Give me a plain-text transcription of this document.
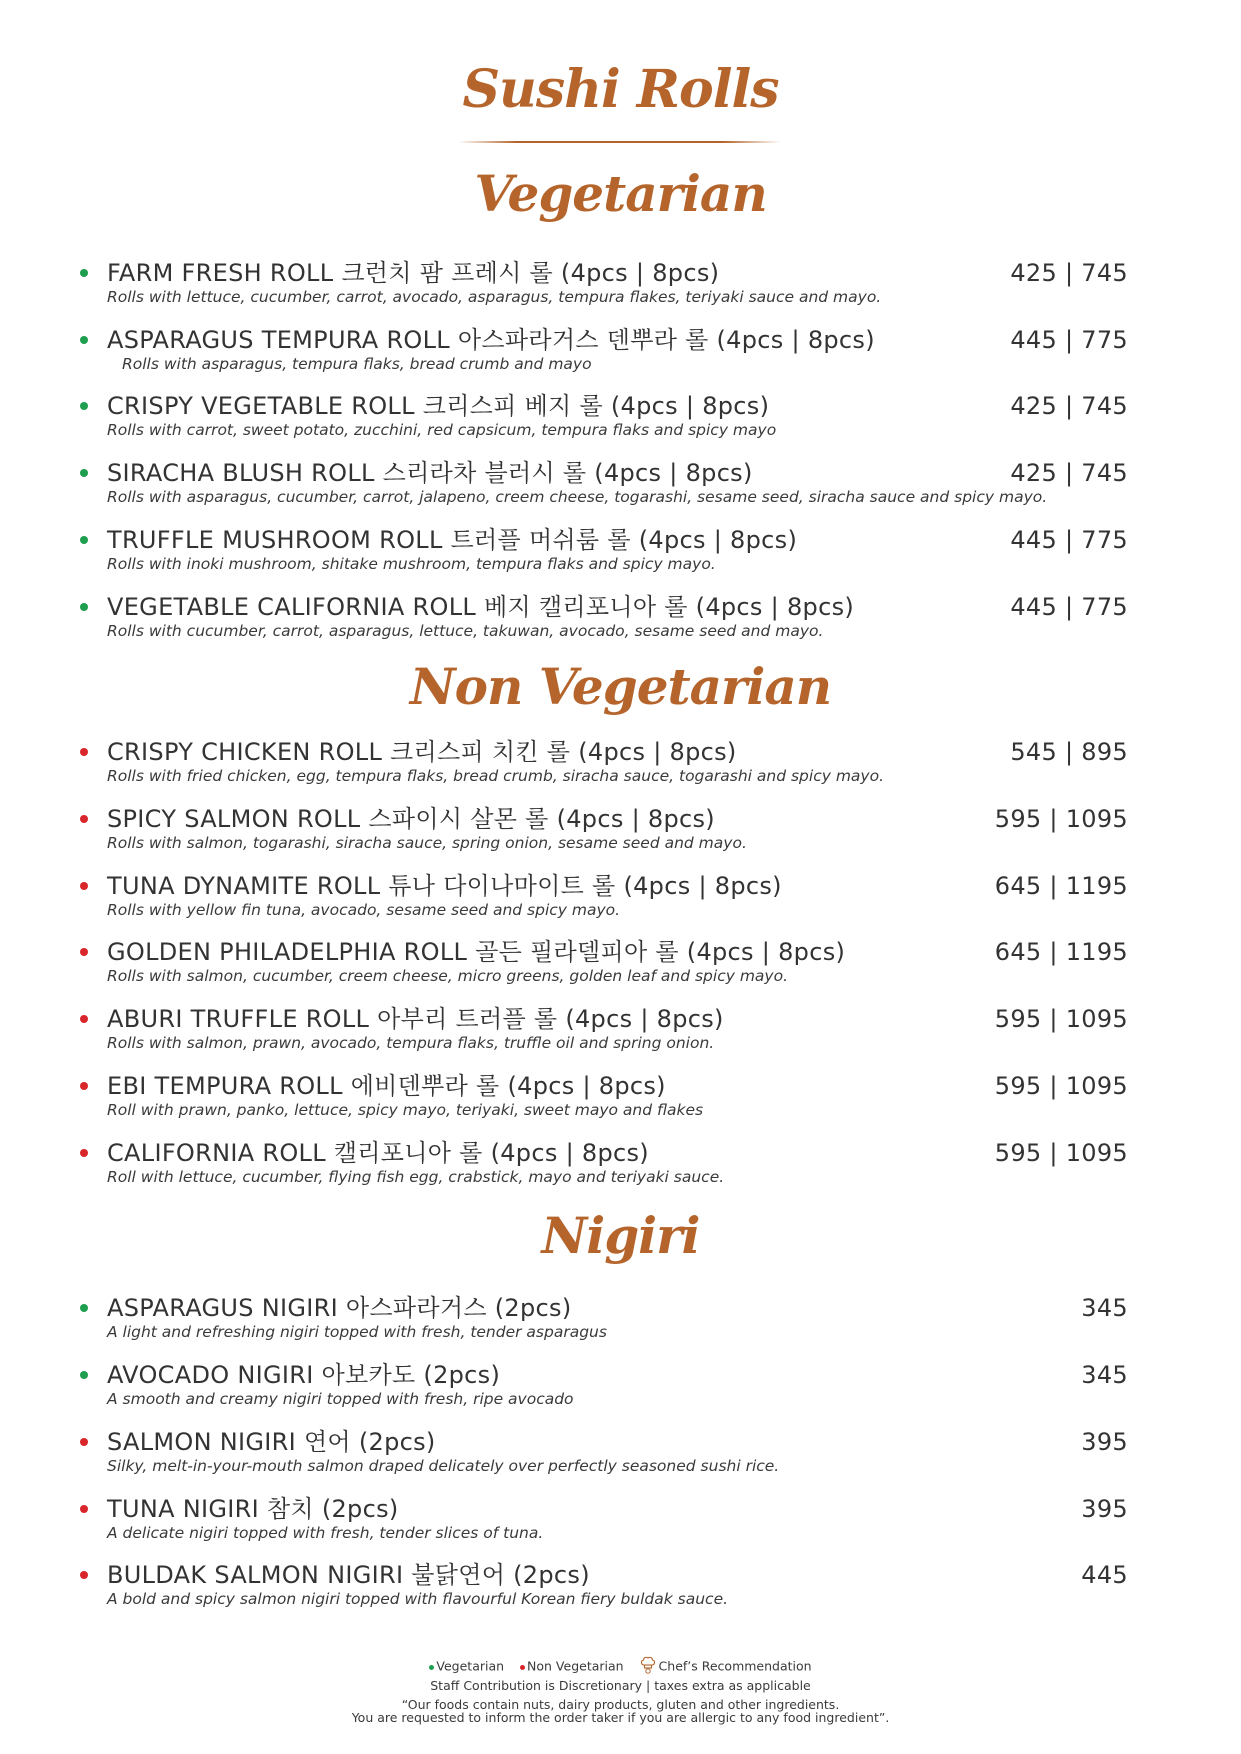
Sushi Rolls
Vegetarian
FARM FRESH ROLL 크런치 팜 프레시 롤 (4pcs | 8pcs)
Rolls with lettuce, cucumber, carrot, avocado, asparagus, tempura flakes, teriyaki sauce and mayo.
425 | 745
ASPARAGUS TEMPURA ROLL 아스파라거스 덴뿌라 롤 (4pcs | 8pcs)
Rolls with asparagus, tempura flaks, bread crumb and mayo
445 | 775
CRISPY VEGETABLE ROLL 크리스피 베지 롤 (4pcs | 8pcs)
Rolls with carrot, sweet potato, zucchini, red capsicum, tempura flaks and spicy mayo
425 | 745
SIRACHA BLUSH ROLL 스리라차 블러시 롤 (4pcs | 8pcs)
Rolls with asparagus, cucumber, carrot, jalapeno, creem cheese, togarashi, sesame seed, siracha sauce and spicy mayo.
425 | 745
TRUFFLE MUSHROOM ROLL 트러플 머쉬룸 롤 (4pcs | 8pcs)
Rolls with inoki mushroom, shitake mushroom, tempura flaks and spicy mayo.
445 | 775
VEGETABLE CALIFORNIA ROLL 베지 캘리포니아 롤 (4pcs | 8pcs)
Rolls with cucumber, carrot, asparagus, lettuce, takuwan, avocado, sesame seed and mayo.
445 | 775
Non Vegetarian
CRISPY CHICKEN ROLL 크리스피 치킨 롤 (4pcs | 8pcs)
Rolls with fried chicken, egg, tempura flaks, bread crumb, siracha sauce, togarashi and spicy mayo.
545 | 895
SPICY SALMON ROLL 스파이시 살몬 롤 (4pcs | 8pcs)
Rolls with salmon, togarashi, siracha sauce, spring onion, sesame seed and mayo.
595 | 1095
TUNA DYNAMITE ROLL 튜나 다이나마이트 롤 (4pcs | 8pcs)
Rolls with yellow fin tuna, avocado, sesame seed and spicy mayo.
645 | 1195
GOLDEN PHILADELPHIA ROLL 골든 필라델피아 롤 (4pcs | 8pcs)
Rolls with salmon, cucumber, creem cheese, micro greens, golden leaf and spicy mayo.
645 | 1195
ABURI TRUFFLE ROLL 아부리 트러플 롤 (4pcs | 8pcs)
Rolls with salmon, prawn, avocado, tempura flaks, truffle oil and spring onion.
595 | 1095
EBI TEMPURA ROLL 에비덴뿌라 롤 (4pcs | 8pcs)
Roll with prawn, panko, lettuce, spicy mayo, teriyaki, sweet mayo and flakes
595 | 1095
CALIFORNIA ROLL 캘리포니아 롤 (4pcs | 8pcs)
Roll with lettuce, cucumber, flying fish egg, crabstick, mayo and teriyaki sauce.
595 | 1095
Nigiri
ASPARAGUS NIGIRI 아스파라거스 (2pcs)
A light and refreshing nigiri topped with fresh, tender asparagus
345
AVOCADO NIGIRI 아보카도 (2pcs)
A smooth and creamy nigiri topped with fresh, ripe avocado
345
SALMON NIGIRI 연어 (2pcs)
Silky, melt-in-your-mouth salmon draped delicately over perfectly seasoned sushi rice.
395
TUNA NIGIRI 참치 (2pcs)
A delicate nigiri topped with fresh, tender slices of tuna.
395
BULDAK SALMON NIGIRI 불닭연어 (2pcs)
A bold and spicy salmon nigiri topped with flavourful Korean fiery buldak sauce.
445
Vegetarian Non Vegetarian	Chef’s Recommendation
Staff Contribution is Discretionary | taxes extra as applicable
“Our foods contain nuts, dairy products, gluten and other ingredients.
You are requested to inform the order taker if you are allergic to any food ingredient”.
